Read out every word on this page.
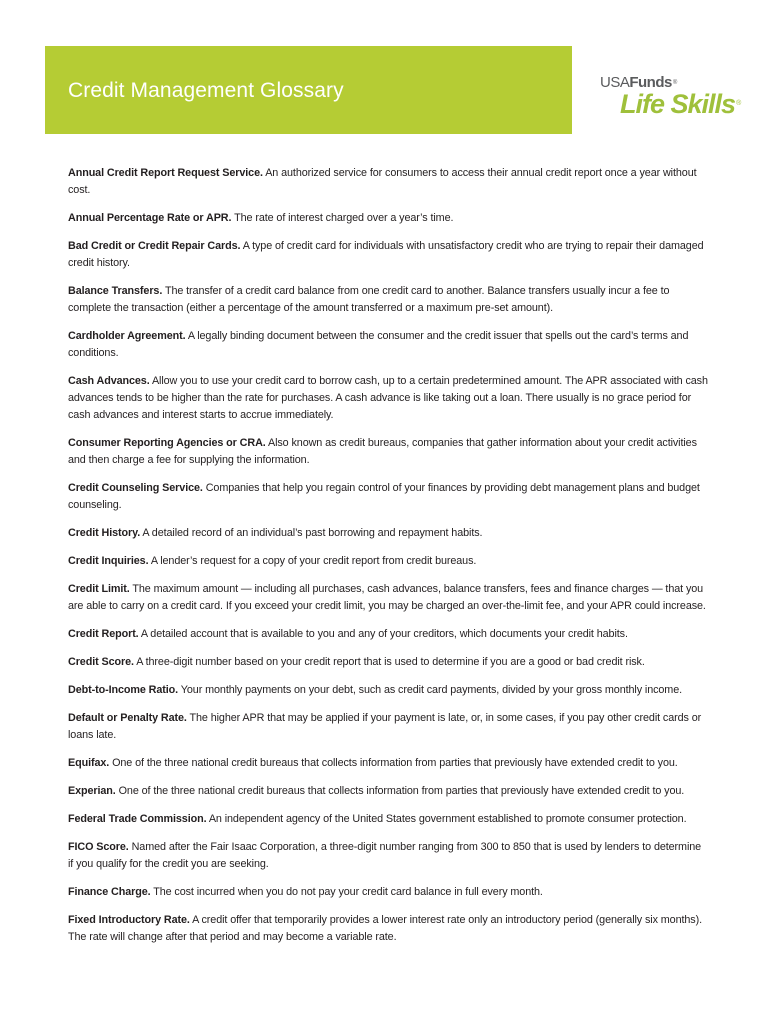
Credit Management Glossary	USAFunds®
Life Skills®
Annual Credit Report Request Service. An authorized service for consumers to access their annual credit report once a year without cost.
Annual Percentage Rate or APR. The rate of interest charged over a year’s time.
Bad Credit or Credit Repair Cards. A type of credit card for individuals with unsatisfactory credit who are trying to repair their damaged credit history.
Balance Transfers. The transfer of a credit card balance from one credit card to another. Balance transfers usually incur a fee to complete the transaction (either a percentage of the amount transferred or a maximum pre-set amount).
Cardholder Agreement. A legally binding document between the consumer and the credit issuer that spells out the card’s terms and conditions.
Cash Advances. Allow you to use your credit card to borrow cash, up to a certain predetermined amount. The APR associated with cash advances tends to be higher than the rate for purchases. A cash advance is like taking out a loan. There usually is no grace period for cash advances and interest starts to accrue immediately.
Consumer Reporting Agencies or CRA. Also known as credit bureaus, companies that gather information about your credit activities and then charge a fee for supplying the information.
Credit Counseling Service. Companies that help you regain control of your finances by providing debt management plans and budget counseling.
Credit History. A detailed record of an individual’s past borrowing and repayment habits.
Credit Inquiries. A lender’s request for a copy of your credit report from credit bureaus.
Credit Limit. The maximum amount — including all purchases, cash advances, balance transfers, fees and finance charges — that you are able to carry on a credit card. If you exceed your credit limit, you may be charged an over-the-limit fee, and your APR could increase.
Credit Report. A detailed account that is available to you and any of your creditors, which documents your credit habits.
Credit Score. A three-digit number based on your credit report that is used to determine if you are a good or bad credit risk.
Debt-to-Income Ratio. Your monthly payments on your debt, such as credit card payments, divided by your gross monthly income.
Default or Penalty Rate. The higher APR that may be applied if your payment is late, or, in some cases, if you pay other credit cards or loans late.
Equifax. One of the three national credit bureaus that collects information from parties that previously have extended credit to you.
Experian. One of the three national credit bureaus that collects information from parties that previously have extended credit to you.
Federal Trade Commission. An independent agency of the United States government established to promote consumer protection.
FICO Score. Named after the Fair Isaac Corporation, a three-digit number ranging from 300 to 850 that is used by lenders to determine if you qualify for the credit you are seeking.
Finance Charge. The cost incurred when you do not pay your credit card balance in full every month.
Fixed Introductory Rate. A credit offer that temporarily provides a lower interest rate only an introductory period (generally six months). The rate will change after that period and may become a variable rate.
